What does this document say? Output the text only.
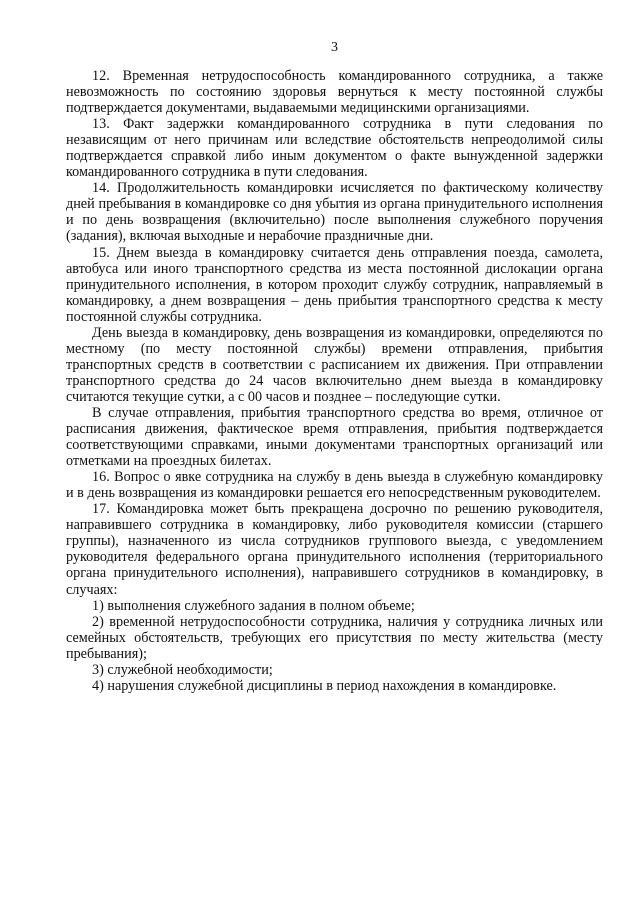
3

12. Временная нетрудоспособность командированного сотрудника, а также невозможность по состоянию здоровья вернуться к месту постоянной службы подтверждается документами, выдаваемыми медицинскими организациями.

13. Факт задержки командированного сотрудника в пути следования по независящим от него причинам или вследствие обстоятельств непреодолимой силы подтверждается справкой либо иным документом о факте вынужденной задержки командированного сотрудника в пути следования.

14. Продолжительность командировки исчисляется по фактическому количеству дней пребывания в командировке со дня убытия из органа принудительного исполнения и по день возвращения (включительно) после выполнения служебного поручения (задания), включая выходные и нерабочие праздничные дни.

15. Днем выезда в командировку считается день отправления поезда, самолета, автобуса или иного транспортного средства из места постоянной дислокации органа принудительного исполнения, в котором проходит службу сотрудник, направляемый в командировку, а днем возвращения – день прибытия транспортного средства к месту постоянной службы сотрудника.

День выезда в командировку, день возвращения из командировки, определяются по местному (по месту постоянной службы) времени отправления, прибытия транспортных средств в соответствии с расписанием их движения. При отправлении транспортного средства до 24 часов включительно днем выезда в командировку считаются текущие сутки, а с 00 часов и позднее – последующие сутки.

В случае отправления, прибытия транспортного средства во время, отличное от расписания движения, фактическое время отправления, прибытия подтверждается соответствующими справками, иными документами транспортных организаций или отметками на проездных билетах.

16. Вопрос о явке сотрудника на службу в день выезда в служебную командировку и в день возвращения из командировки решается его непосредственным руководителем.

17. Командировка может быть прекращена досрочно по решению руководителя, направившего сотрудника в командировку, либо руководителя комиссии (старшего группы), назначенного из числа сотрудников группового выезда, с уведомлением руководителя федерального органа принудительного исполнения (территориального органа принудительного исполнения), направившего сотрудников в командировку, в случаях:

1) выполнения служебного задания в полном объеме;

2) временной нетрудоспособности сотрудника, наличия у сотрудника личных или семейных обстоятельств, требующих его присутствия по месту жительства (месту пребывания);

3) служебной необходимости;

4) нарушения служебной дисциплины в период нахождения в командировке.
